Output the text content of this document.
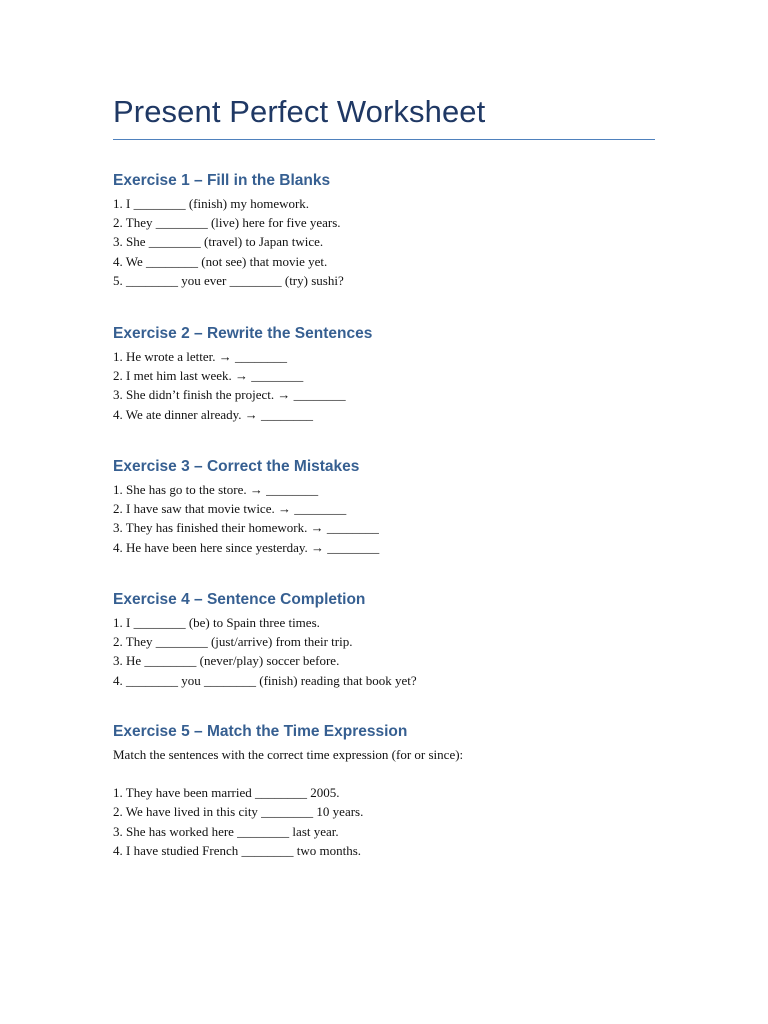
Present Perfect Worksheet
Exercise 1 – Fill in the Blanks
1. I ________ (finish) my homework.
2. They ________ (live) here for five years.
3. She ________ (travel) to Japan twice.
4. We ________ (not see) that movie yet.
5. ________ you ever ________ (try) sushi?
Exercise 2 – Rewrite the Sentences
1. He wrote a letter. → ________
2. I met him last week. → ________
3. She didn’t finish the project. → ________
4. We ate dinner already. → ________
Exercise 3 – Correct the Mistakes
1. She has go to the store. → ________
2. I have saw that movie twice. → ________
3. They has finished their homework. → ________
4. He have been here since yesterday. → ________
Exercise 4 – Sentence Completion
1. I ________ (be) to Spain three times.
2. They ________ (just/arrive) from their trip.
3. He ________ (never/play) soccer before.
4. ________ you ________ (finish) reading that book yet?
Exercise 5 – Match the Time Expression

Match the sentences with the correct time expression (for or since):

1. They have been married ________ 2005.
2. We have lived in this city ________ 10 years.
3. She has worked here ________ last year.
4. I have studied French ________ two months.
